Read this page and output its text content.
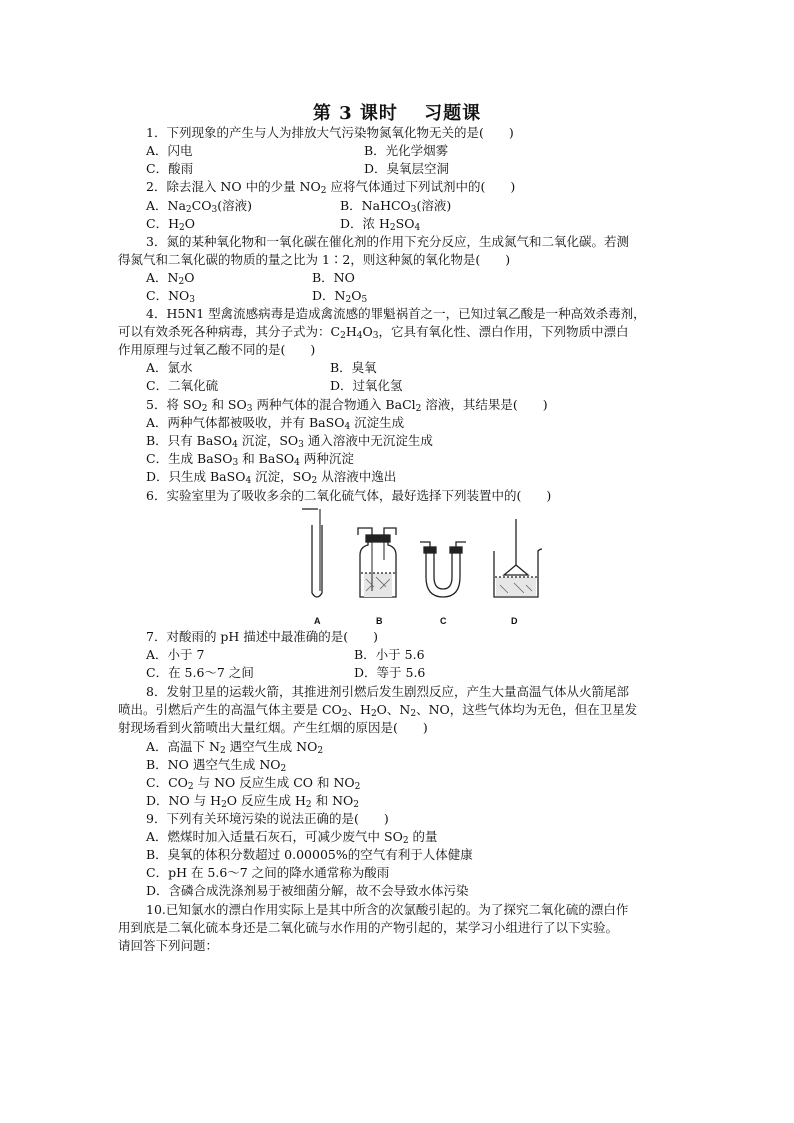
第 3 课时　 习题课
1．下列现象的产生与人为排放大气污染物氮氧化物无关的是(　　)
A．闪电	B．光化学烟雾
C．酸雨	D．臭氧层空洞
2．除去混入 NO 中的少量 $NO_2$ 应将气体通过下列试剂中的(　　)
A．$Na_2CO_3$(溶液)	B．NaHCO$_3$(溶液)
C．$H_2O$	D．浓 $H_2SO_4$
3．氮的某种氧化物和一氧化碳在催化剂的作用下充分反应，生成氮气和二氧化碳。若测
得氮气和二氧化碳的物质的量之比为 1∶2，则这种氮的氧化物是(　　)
A．$N_2O$	B．NO
C．$NO_3$	D．$N_2O_5$
4．H5N1 型禽流感病毒是造成禽流感的罪魁祸首之一，已知过氧乙酸是一种高效杀毒剂，
可以有效杀死各种病毒，其分子式为：$C_2H_4O_3$，它具有氧化性、漂白作用，下列物质中漂白
作用原理与过氧乙酸不同的是(　　)
A．氯水	B．臭氧
C．二氧化硫	D．过氧化氢
5．将 $SO_2$ 和 $SO_3$ 两种气体的混合物通入 BaCl$_2$ 溶液，其结果是(　　)
A．两种气体都被吸收，并有 BaSO$_4$ 沉淀生成
B．只有 BaSO$_4$ 沉淀，$SO_3$ 通入溶液中无沉淀生成
C．生成 BaSO$_3$ 和 BaSO$_4$ 两种沉淀
D．只生成 BaSO$_4$ 沉淀，$SO_2$ 从溶液中逸出
6．实验室里为了吸收多余的二氧化硫气体，最好选择下列装置中的(　　)
A	B	C	D
7．对酸雨的 pH 描述中最准确的是(　　)
A．小于 7	B．小于 5.6
C．在 5.6～7 之间	D．等于 5.6
8．发射卫星的运载火箭，其推进剂引燃后发生剧烈反应，产生大量高温气体从火箭尾部
喷出。引燃后产生的高温气体主要是 $CO_2$、$H_2O$、$N_2$、NO，这些气体均为无色，但在卫星发
射现场看到火箭喷出大量红烟。产生红烟的原因是(　　)
A．高温下 $N_2$ 遇空气生成 $NO_2$
B．NO 遇空气生成 $NO_2$
C．$CO_2$ 与 NO 反应生成 CO 和 $NO_2$
D．NO 与 $H_2O$ 反应生成 $H_2$ 和 $NO_2$
9．下列有关环境污染的说法正确的是(　　)
A．燃煤时加入适量石灰石，可减少废气中 $SO_2$ 的量
B．臭氧的体积分数超过 0.00005%的空气有利于人体健康
C．pH 在 5.6～7 之间的降水通常称为酸雨
D．含磷合成洗涤剂易于被细菌分解，故不会导致水体污染
10.已知氯水的漂白作用实际上是其中所含的次氯酸引起的。为了探究二氧化硫的漂白作
用到底是二氧化硫本身还是二氧化硫与水作用的产物引起的，某学习小组进行了以下实验。
请回答下列问题：
